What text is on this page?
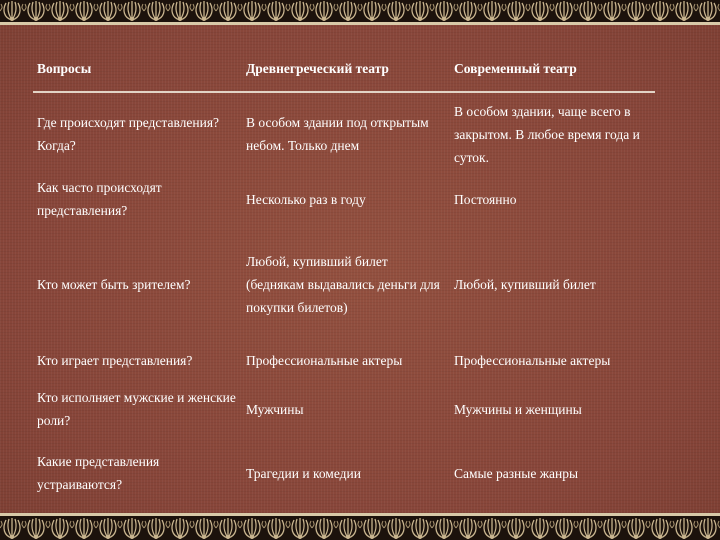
Вопросы	Древнегреческий театр	Современный театр
Где происходят представления? Когда?	В особом здании под открытым небом. Только днем	В особом здании, чаще всего в закрытом. В любое время года и суток.
Как часто происходят представления?	Несколько раз в году	Постоянно
Кто может быть зрителем?	Любой, купивший билет (беднякам выдавались деньги для покупки билетов)	Любой, купивший билет
Кто играет представления?	Профессиональные актеры	Профессиональные актеры
Кто исполняет мужские и женские роли?	Мужчины	Мужчины и женщины
Какие представления устраиваются?	Трагедии и комедии	Самые разные жанры
